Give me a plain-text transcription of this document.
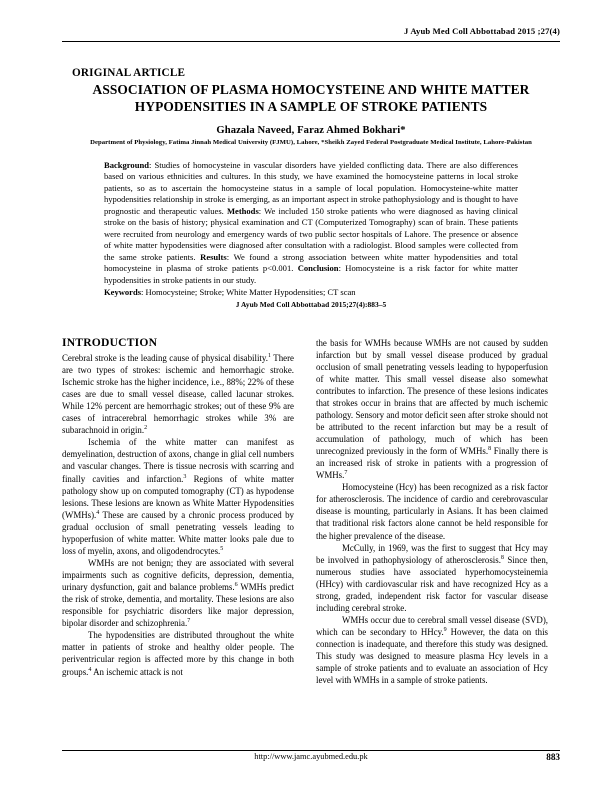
J Ayub Med Coll Abbottabad 2015 ;27(4)
ORIGINAL ARTICLE
ASSOCIATION OF PLASMA HOMOCYSTEINE AND WHITE MATTER HYPODENSITIES IN A SAMPLE OF STROKE PATIENTS
Ghazala Naveed, Faraz Ahmed Bokhari*
Department of Physiology, Fatima Jinnah Medical University (FJMU), Lahore, *Sheikh Zayed Federal Postgraduate Medical Institute, Lahore-Pakistan
Background: Studies of homocysteine in vascular disorders have yielded conflicting data. There are also differences based on various ethnicities and cultures. In this study, we have examined the homocysteine patterns in local stroke patients, so as to ascertain the homocysteine status in a sample of local population. Homocysteine-white matter hypodensities relationship in stroke is emerging, as an important aspect in stroke pathophysiology and is thought to have prognostic and therapeutic values. Methods: We included 150 stroke patients who were diagnosed as having clinical stroke on the basis of history; physical examination and CT (Computerized Tomography) scan of brain. These patients were recruited from neurology and emergency wards of two public sector hospitals of Lahore. The presence or absence of white matter hypodensities were diagnosed after consultation with a radiologist. Blood samples were collected from the same stroke patients. Results: We found a strong association between white matter hypodensities and total homocysteine in plasma of stroke patients p<0.001. Conclusion: Homocysteine is a risk factor for white matter hypodensities in stroke patients in our study.
Keywords: Homocysteine; Stroke; White Matter Hypodensities; CT scan
J Ayub Med Coll Abbottabad 2015;27(4):883–5
INTRODUCTION

Cerebral stroke is the leading cause of physical disability.$^1$ There are two types of strokes: ischemic and hemorrhagic stroke. Ischemic stroke has the higher incidence, i.e., 88%; 22% of these cases are due to small vessel disease, called lacunar strokes. While 12% percent are hemorrhagic strokes; out of these 9% are cases of intracerebral hemorrhagic strokes while 3% are subarachnoid in origin.$^2$

Ischemia of the white matter can manifest as demyelination, destruction of axons, change in glial cell numbers and vascular changes. There is tissue necrosis with scarring and finally cavities and infarction.$^3$ Regions of white matter pathology show up on computed tomography (CT) as hypodense lesions. These lesions are known as White Matter Hypodensities (WMHs).$^4$ These are caused by a chronic process produced by gradual occlusion of small penetrating vessels leading to hypoperfusion of white matter. White matter looks pale due to loss of myelin, axons, and oligodendrocytes.$^5$

WMHs are not benign; they are associated with several impairments such as cognitive deficits, depression, dementia, urinary dysfunction, gait and balance problems.$^6$ WMHs predict the risk of stroke, dementia, and mortality. These lesions are also responsible for psychiatric disorders like major depression, bipolar disorder and schizophrenia.$^7$

The hypodensities are distributed throughout the white matter in patients of stroke and healthy older people. The periventricular region is affected more by this change in both groups.$^4$ An ischemic attack is not

the basis for WMHs because WMHs are not caused by sudden infarction but by small vessel disease produced by gradual occlusion of small penetrating vessels leading to hypoperfusion of white matter. This small vessel disease also somewhat contributes to infarction. The presence of these lesions indicates that strokes occur in brains that are affected by much ischemic pathology. Sensory and motor deficit seen after stroke should not be attributed to the recent infarction but may be a result of accumulation of pathology, much of which has been unrecognized previously in the form of WMHs.$^8$ Finally there is an increased risk of stroke in patients with a progression of WMHs.$^7$

Homocysteine (Hcy) has been recognized as a risk factor for atherosclerosis. The incidence of cardio and cerebrovascular disease is mounting, particularly in Asians. It has been claimed that traditional risk factors alone cannot be held responsible for the higher prevalence of the disease.

McCully, in 1969, was the first to suggest that Hcy may be involved in pathophysiology of atherosclerosis.$^8$ Since then, numerous studies have associated hyperhomocysteinemia (HHcy) with cardiovascular risk and have recognized Hcy as a strong, graded, independent risk factor for vascular disease including cerebral stroke.

WMHs occur due to cerebral small vessel disease (SVD), which can be secondary to HHcy.$^9$ However, the data on this connection is inadequate, and therefore this study was designed. This study was designed to measure plasma Hcy levels in a sample of stroke patients and to evaluate an association of Hcy level with WMHs in a sample of stroke patients.

http://www.jamc.ayubmed.edu.pk	883
